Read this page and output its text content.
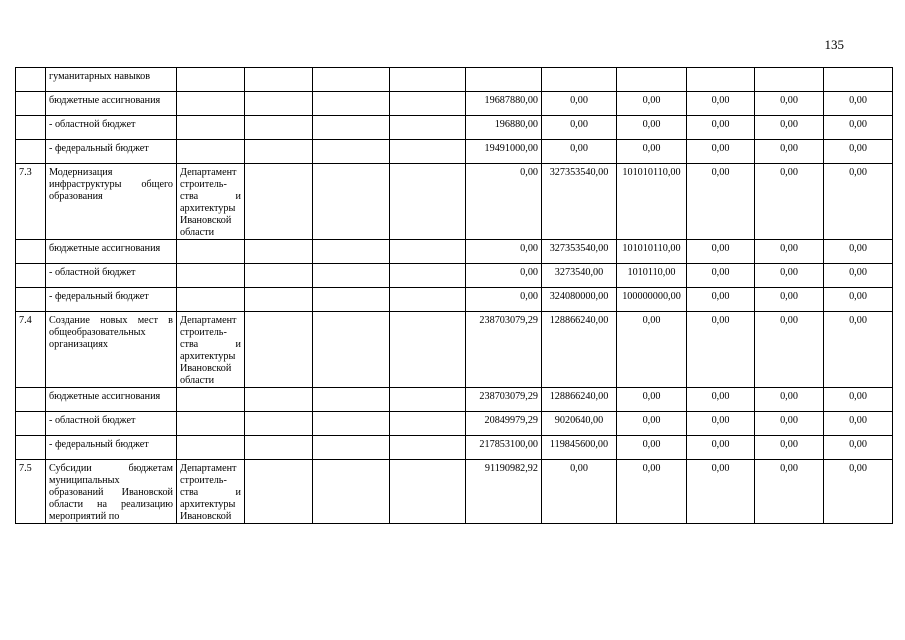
135
	гуманитарных навыков										
	бюджетные ассигнования					19687880,00	0,00	0,00	0,00	0,00	0,00
	- областной бюджет					196880,00	0,00	0,00	0,00	0,00	0,00
	- федеральный бюджет					19491000,00	0,00	0,00	0,00	0,00	0,00
7.3	Модернизация инфраструктуры общего образования	Департамент строитель-ства и архитектуры Ивановской области				0,00	327353540,00	101010110,00	0,00	0,00	0,00
	бюджетные ассигнования					0,00	327353540,00	101010110,00	0,00	0,00	0,00
	- областной бюджет					0,00	3273540,00	1010110,00	0,00	0,00	0,00
	- федеральный бюджет					0,00	324080000,00	100000000,00	0,00	0,00	0,00
7.4	Создание новых мест в общеобразовательных организациях	Департамент строитель-ства и архитектуры Ивановской области				238703079,29	128866240,00	0,00	0,00	0,00	0,00
	бюджетные ассигнования					238703079,29	128866240,00	0,00	0,00	0,00	0,00
	- областной бюджет					20849979,29	9020640,00	0,00	0,00	0,00	0,00
	- федеральный бюджет					217853100,00	119845600,00	0,00	0,00	0,00	0,00
7.5	Субсидии бюджетам муниципальных образований Ивановской области на реализацию мероприятий по	Департамент строитель-ства и архитектуры Ивановской				91190982,92	0,00	0,00	0,00	0,00	0,00
